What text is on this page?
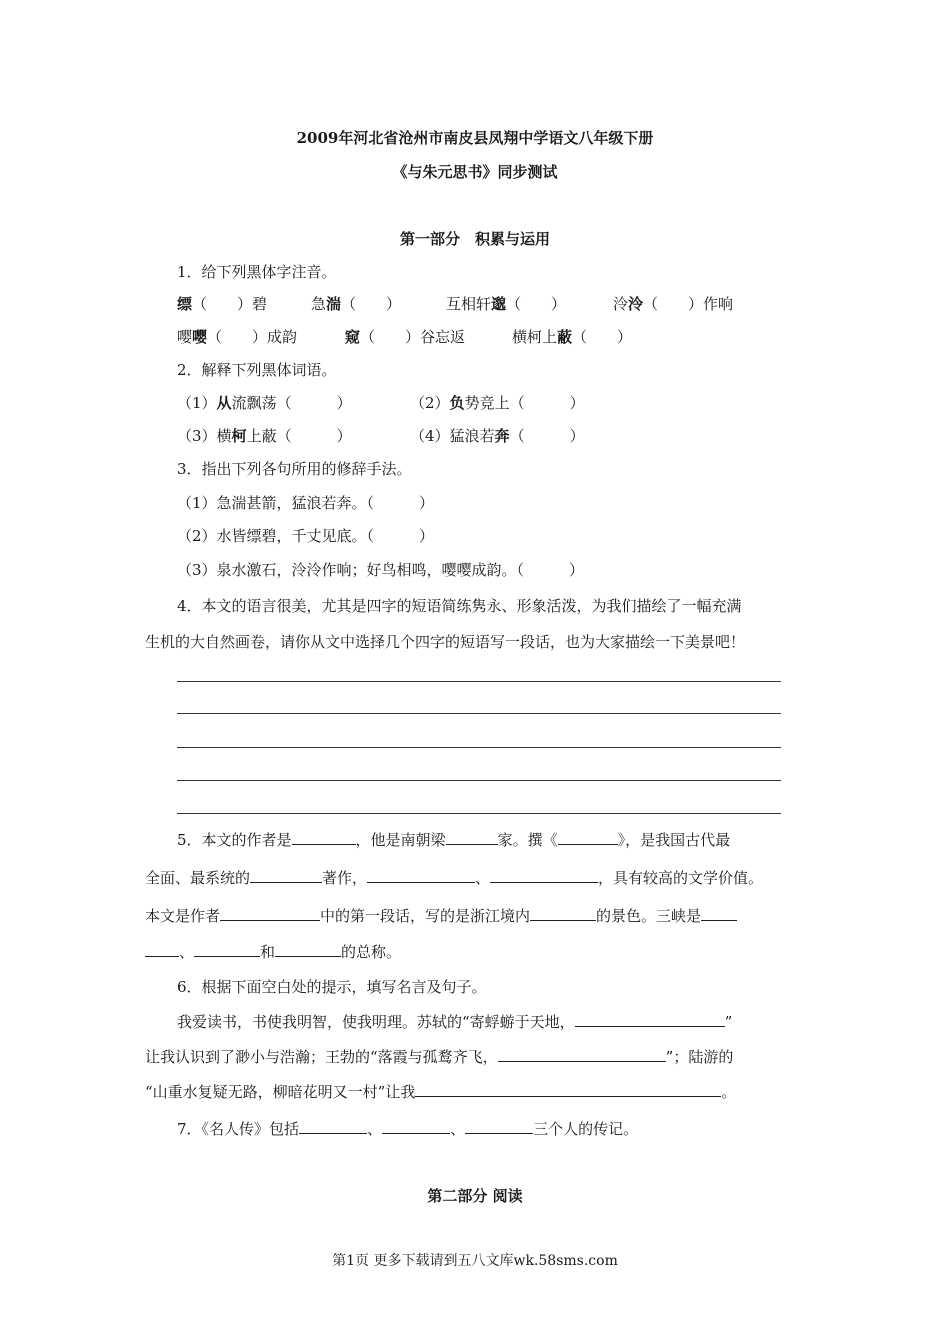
2009年河北省沧州市南皮县凤翔中学语文八年级下册
《与朱元思书》同步测试
第一部分　积累与运用
1．给下列黑体字注音。
缥（　　）碧	急湍（　　）	互相轩邈（　　）	泠泠（　　）作响
嘤嘤（　　）成韵	窥（　　）谷忘返	横柯上蔽（　　）
2．解释下列黑体词语。
（1）从流飘荡（　　　）	（2）负势竞上（　　　）
（3）横柯上蔽（　　　）	（4）猛浪若奔（　　　）
3．指出下列各句所用的修辞手法。
（1）急湍甚箭，猛浪若奔。（　　　）
（2）水皆缥碧，千丈见底。（　　　）
（3）泉水激石，泠泠作响；好鸟相鸣，嘤嘤成韵。（　　　）
4．本文的语言很美，尤其是四字的短语简练隽永、形象活泼，为我们描绘了一幅充满
生机的大自然画卷，请你从文中选择几个四字的短语写一段话，也为大家描绘一下美景吧！
5．本文的作者是	，他是南朝梁	家。撰《	》，是我国古代最
全面、最系统的	著作，	、	，具有较高的文学价值。
本文是作者	中的第一段话，写的是浙江境内	的景色。三峡是
、	和	的总称。
6．根据下面空白处的提示，填写名言及句子。
我爱读书，书使我明智，使我明理。苏轼的“寄蜉蝣于天地，	”
让我认识到了渺小与浩瀚；王勃的“落霞与孤鹜齐飞，	”；陆游的
“山重水复疑无路，柳暗花明又一村”让我	。
7．《名人传》包括	、	、	三个人的传记。
第二部分 阅读
第1页 更多下载请到五八文库wk.58sms.com
